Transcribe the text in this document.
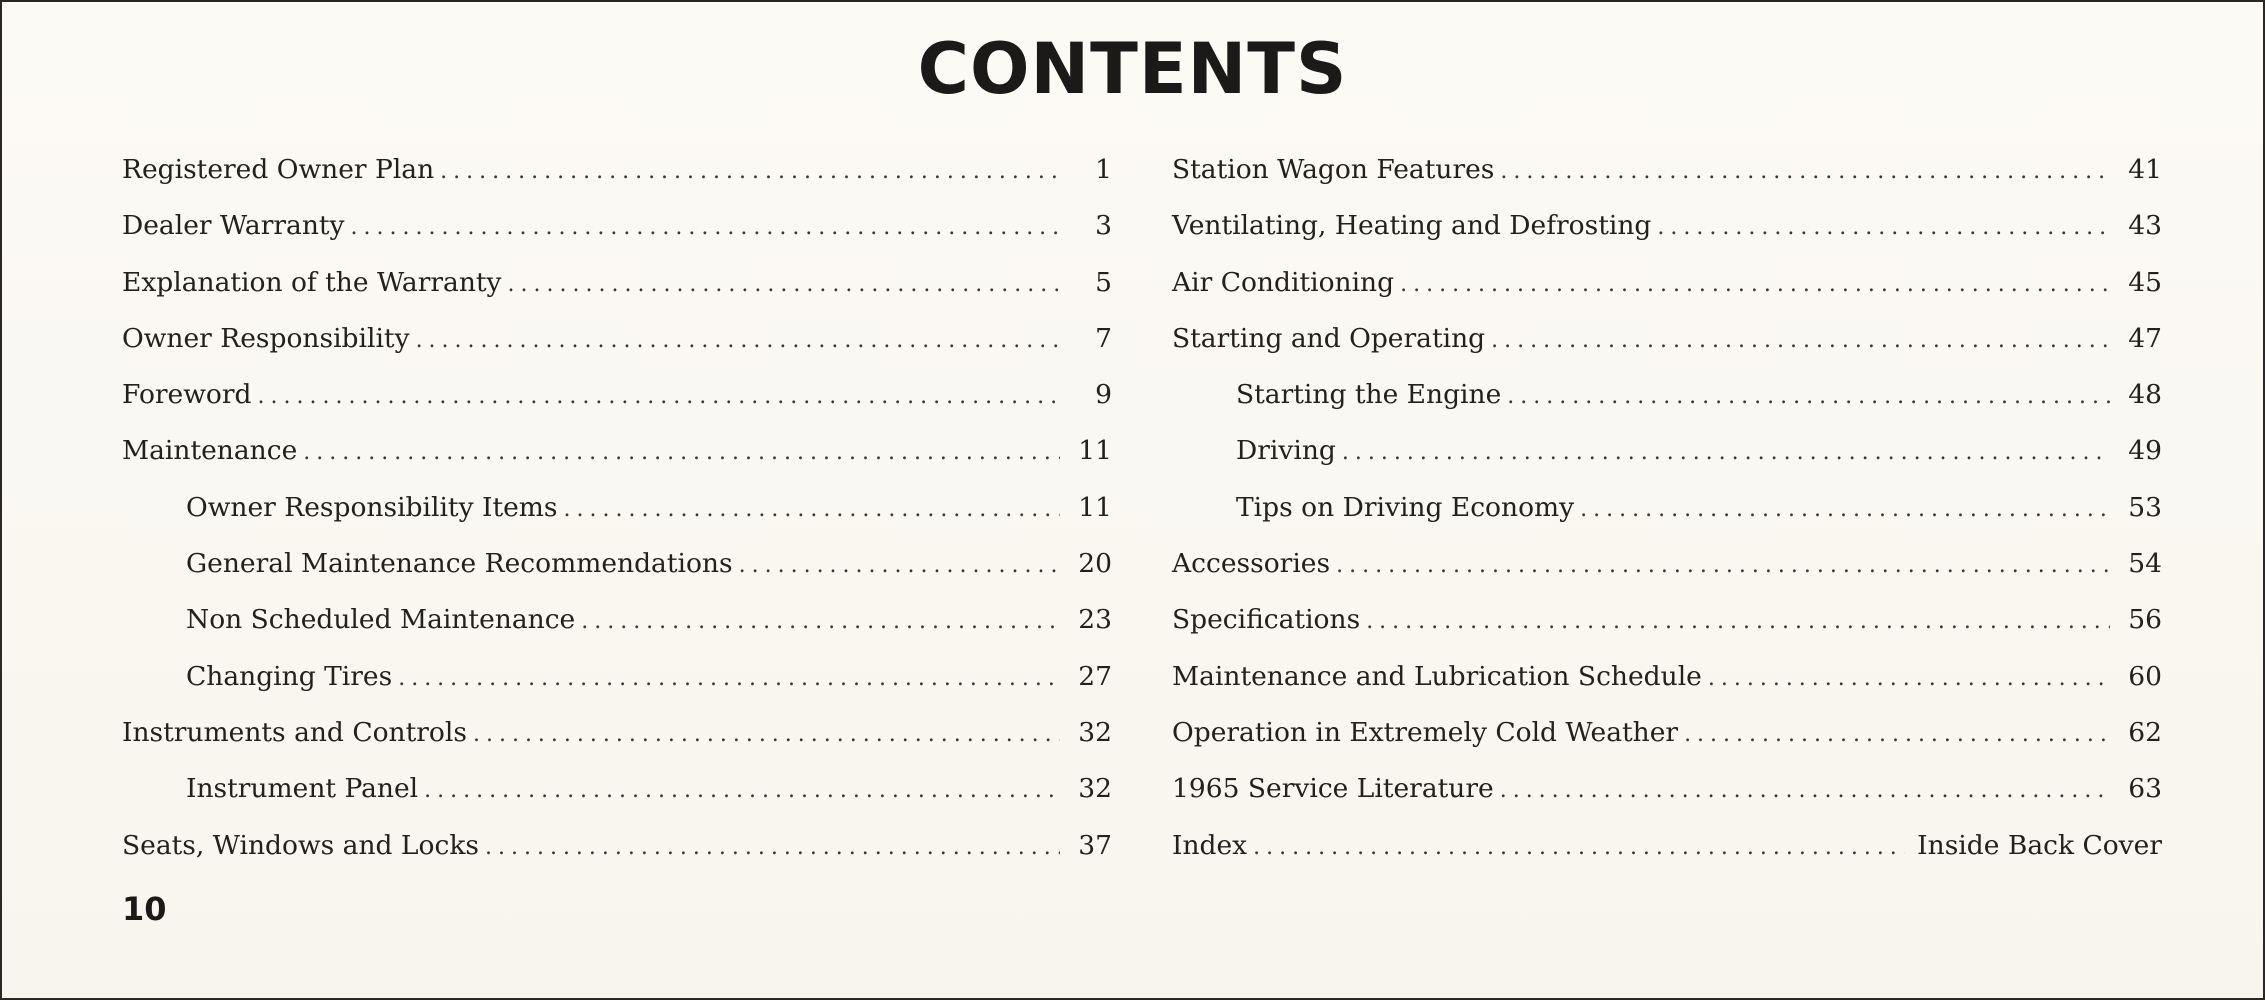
CONTENTS
Registered Owner Plan .....	1
Dealer Warranty .....	3
Explanation of the Warranty .....	5
Owner Responsibility .....	7
Foreword .....	9
Maintenance .....	11
Owner Responsibility Items .....	11
General Maintenance Recommendations .....	20
Non Scheduled Maintenance .....	23
Changing Tires .....	27
Instruments and Controls .....	32
Instrument Panel .....	32
Seats, Windows and Locks .....	37
Station Wagon Features .....	41
Ventilating, Heating and Defrosting .....	43
Air Conditioning .....	45
Starting and Operating .....	47
Starting the Engine .....	48
Driving .....	49
Tips on Driving Economy .....	53
Accessories .....	54
Specifications .....	56
Maintenance and Lubrication Schedule .....	60
Operation in Extremely Cold Weather .....	62
1965 Service Literature .....	63
Index .....	Inside Back Cover
10
